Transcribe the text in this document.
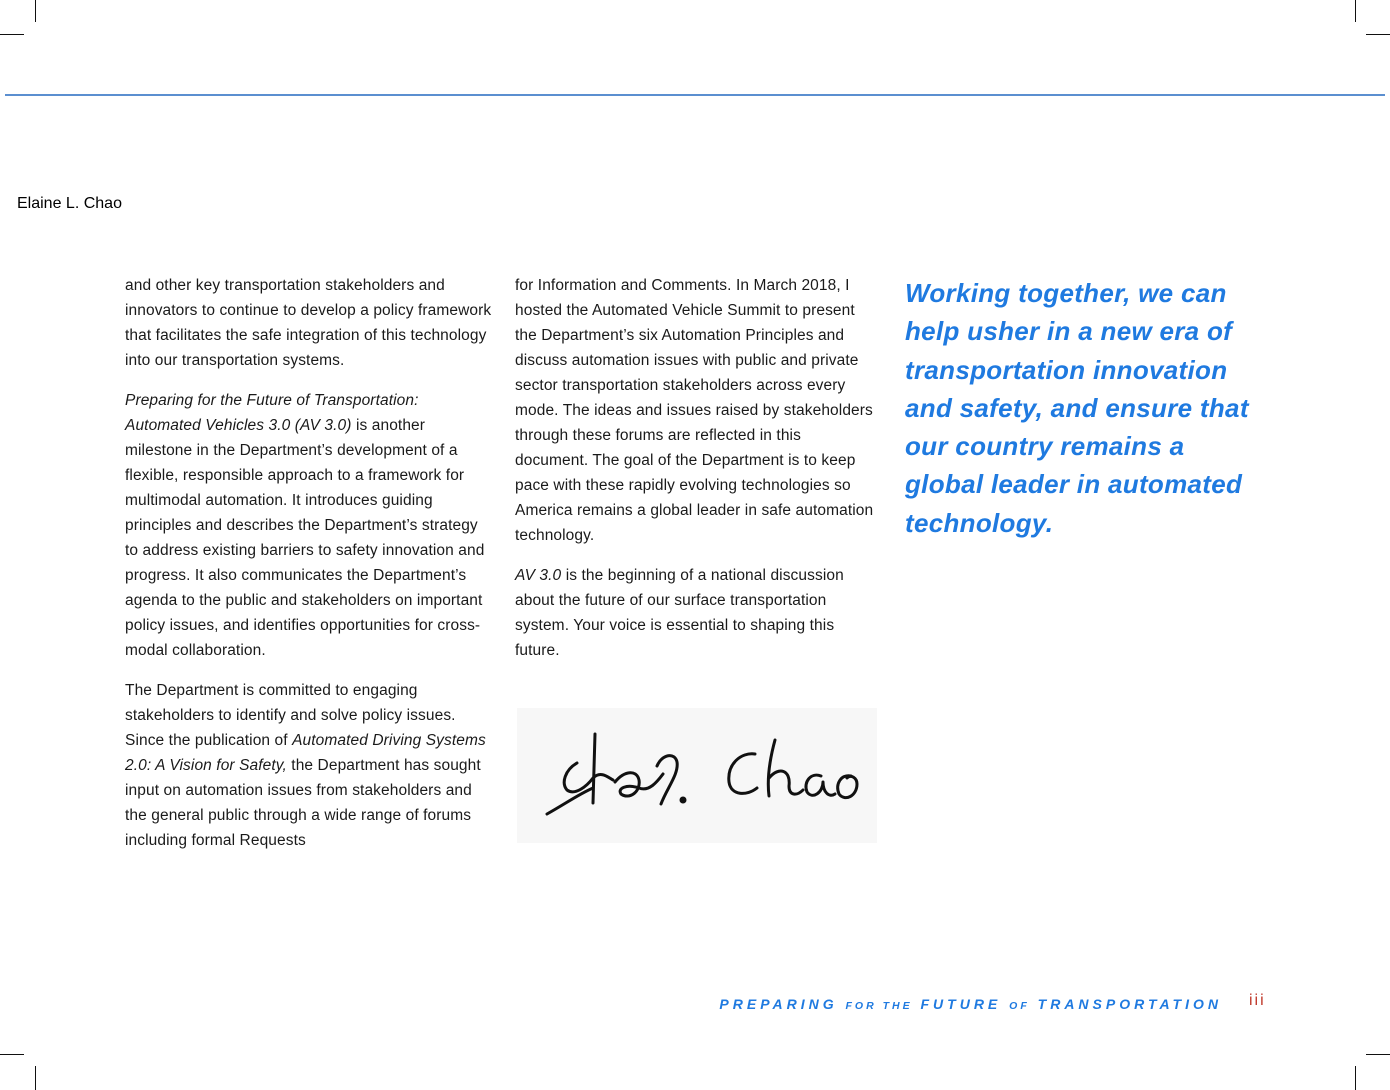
and other key transportation stakeholders and innovators to continue to develop a policy framework that facilitates the safe integration of this technology into our transportation systems.

Preparing for the Future of Transportation: Automated Vehicles 3.0 (AV 3.0) is another milestone in the Department’s development of a flexible, responsible approach to a framework for multimodal automation. It introduces guiding principles and describes the Department’s strategy to address existing barriers to safety innovation and progress. It also communicates the Department’s agenda to the public and stakeholders on important policy issues, and identifies opportunities for cross-modal collaboration.

The Department is committed to engaging stakeholders to identify and solve policy issues. Since the publication of Automated Driving Systems 2.0: A Vision for Safety, the Department has sought input on automation issues from stakeholders and the general public through a wide range of forums including formal Requests

for Information and Comments. In March 2018, I hosted the Automated Vehicle Summit to present the Department’s six Automation Principles and discuss automation issues with public and private sector transportation stakeholders across every mode. The ideas and issues raised by stakeholders through these forums are reflected in this document. The goal of the Department is to keep pace with these rapidly evolving technologies so America remains a global leader in safe automation technology.

AV 3.0 is the beginning of a national discussion about the future of our surface transportation system. Your voice is essential to shaping this future.

Elaine L. Chao
Working together, we can help usher in a new era of transportation innovation and safety, and ensure that our country remains a global leader in automated technology.
PREPARING FOR THE FUTURE OF TRANSPORTATION iii
